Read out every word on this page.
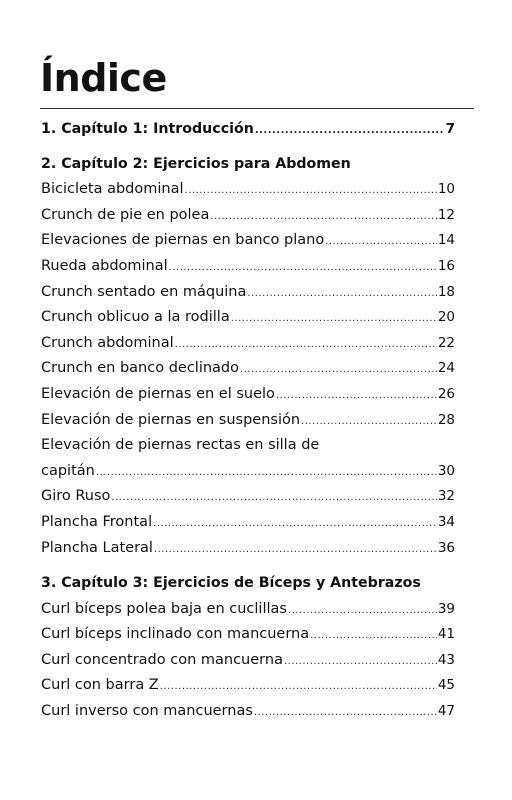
Índice
1. Capítulo 1: Introducción .....	7
2. Capítulo 2: Ejercicios para Abdomen
Bicicleta abdominal .....	10
Crunch de pie en polea .....	12
Elevaciones de piernas en banco plano .....	14
Rueda abdominal .....	16
Crunch sentado en máquina .....	18
Crunch oblicuo a la rodilla .....	20
Crunch abdominal .....	22
Crunch en banco declinado .....	24
Elevación de piernas en el suelo .....	26
Elevación de piernas en suspensión .....	28
Elevación de piernas rectas en silla de
capitán .....	30
Giro Ruso .....	32
Plancha Frontal .....	34
Plancha Lateral .....	36
3. Capítulo 3: Ejercicios de Bíceps y Antebrazos
Curl bíceps polea baja en cuclillas .....	39
Curl bíceps inclinado con mancuerna .....	41
Curl concentrado con mancuerna .....	43
Curl con barra Z .....	45
Curl inverso con mancuernas .....	47
